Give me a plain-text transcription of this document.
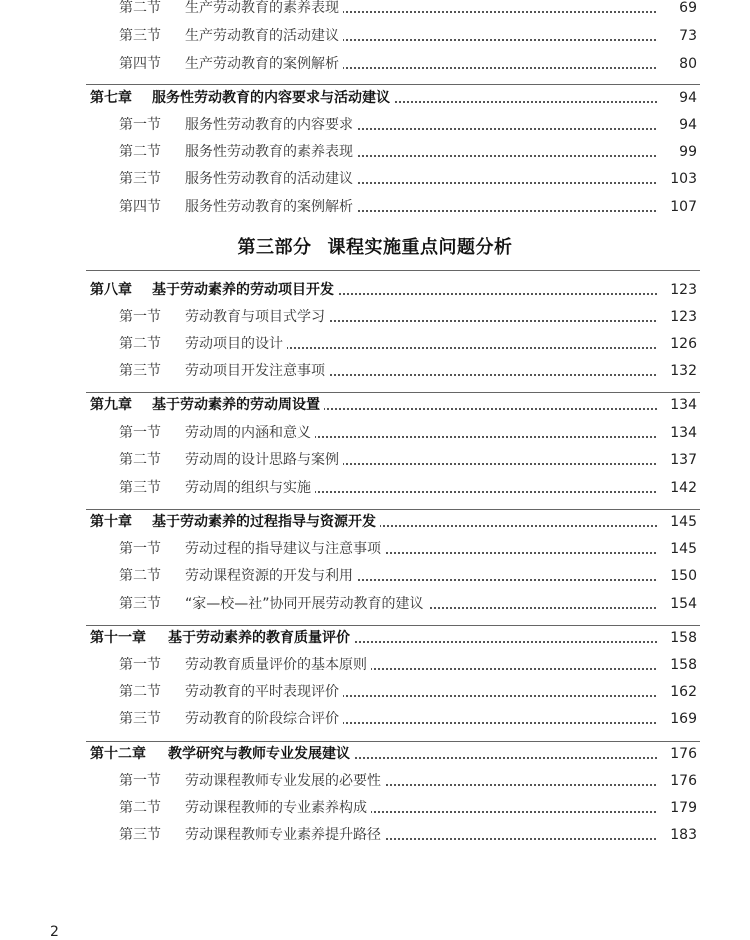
第三部分 课程实施重点问题分析
第二节 生产劳动教育的素养表现	69
第三节 生产劳动教育的活动建议	73
第四节 生产劳动教育的案例解析	80
第七章 服务性劳动教育的内容要求与活动建议	94
第一节 服务性劳动教育的内容要求	94
第二节 服务性劳动教育的素养表现	99
第三节 服务性劳动教育的活动建议	103
第四节 服务性劳动教育的案例解析	107
第八章 基于劳动素养的劳动项目开发	123
第一节 劳动教育与项目式学习	123
第二节 劳动项目的设计	126
第三节 劳动项目开发注意事项	132
第九章 基于劳动素养的劳动周设置	134
第一节 劳动周的内涵和意义	134
第二节 劳动周的设计思路与案例	137
第三节 劳动周的组织与实施	142
第十章 基于劳动素养的过程指导与资源开发	145
第一节 劳动过程的指导建议与注意事项	145
第二节 劳动课程资源的开发与利用	150
第三节 “家—校—社”协同开展劳动教育的建议	154
第十一章 基于劳动素养的教育质量评价	158
第一节 劳动教育质量评价的基本原则	158
第二节 劳动教育的平时表现评价	162
第三节 劳动教育的阶段综合评价	169
第十二章 教学研究与教师专业发展建议	176
第一节 劳动课程教师专业发展的必要性	176
第二节 劳动课程教师的专业素养构成	179
第三节 劳动课程教师专业素养提升路径	183
2
